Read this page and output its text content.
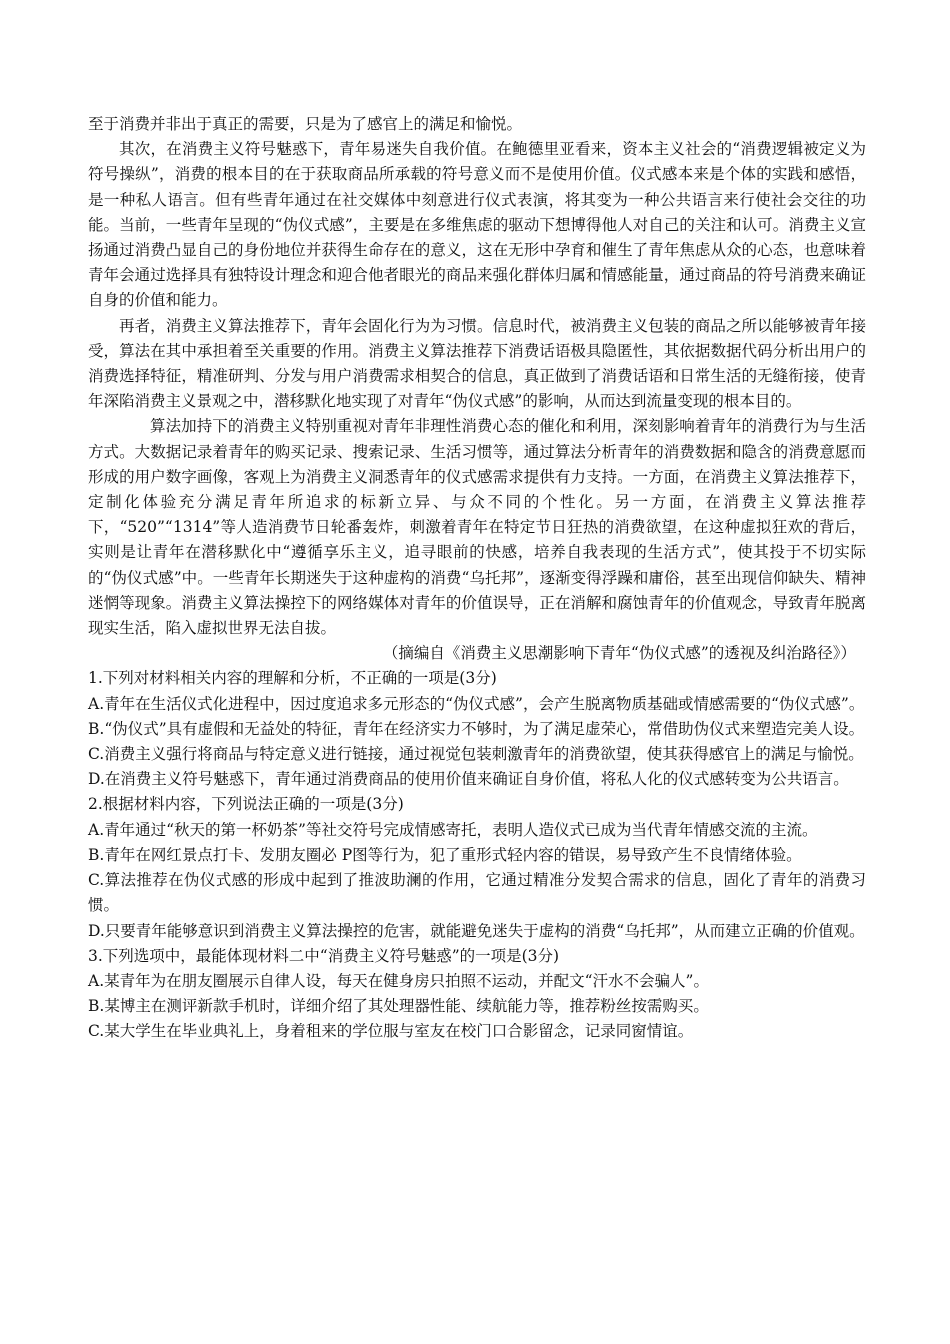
至于消费并非出于真正的需要，只是为了感官上的满足和愉悦。

其次，在消费主义符号魅惑下，青年易迷失自我价值。在鲍德里亚看来，资本主义社会的“消费逻辑被定义为符号操纵”，消费的根本目的在于获取商品所承载的符号意义而不是使用价值。仪式感本来是个体的实践和感悟，是一种私人语言。但有些青年通过在社交媒体中刻意进行仪式表演，将其变为一种公共语言来行使社会交往的功能。当前，一些青年呈现的“伪仪式感”，主要是在多维焦虑的驱动下想博得他人对自己的关注和认可。消费主义宣扬通过消费凸显自己的身份地位并获得生命存在的意义，这在无形中孕育和催生了青年焦虑从众的心态，也意味着青年会通过选择具有独特设计理念和迎合他者眼光的商品来强化群体归属和情感能量，通过商品的符号消费来确证自身的价值和能力。

再者，消费主义算法推荐下，青年会固化行为为习惯。信息时代，被消费主义包装的商品之所以能够被青年接受，算法在其中承担着至关重要的作用。消费主义算法推荐下消费话语极具隐匿性，其依据数据代码分析出用户的消费选择特征，精准研判、分发与用户消费需求相契合的信息，真正做到了消费话语和日常生活的无缝衔接，使青年深陷消费主义景观之中，潜移默化地实现了对青年“伪仪式感”的影响，从而达到流量变现的根本目的。

算法加持下的消费主义特别重视对青年非理性消费心态的催化和利用，深刻影响着青年的消费行为与生活方式。大数据记录着青年的购买记录、搜索记录、生活习惯等，通过算法分析青年的消费数据和隐含的消费意愿而形成的用户数字画像，客观上为消费主义洞悉青年的仪式感需求提供有力支持。一方面，在消费主义算法推荐下，定制化体验充分满足青年所追求的标新立异、与众不同的个性化。另一方面，在消费主义算法推荐下，“520”“1314”等人造消费节日轮番轰炸，刺激着青年在特定节日狂热的消费欲望，在这种虚拟狂欢的背后，实则是让青年在潜移默化中“遵循享乐主义，追寻眼前的快感，培养自我表现的生活方式”，使其投于不切实际的“伪仪式感”中。一些青年长期迷失于这种虚构的消费“乌托邦”，逐渐变得浮躁和庸俗，甚至出现信仰缺失、精神迷惘等现象。消费主义算法操控下的网络媒体对青年的价值误导，正在消解和腐蚀青年的价值观念，导致青年脱离现实生活，陷入虚拟世界无法自拔。

（摘编自《消费主义思潮影响下青年“伪仪式感”的透视及纠治路径》）

1.下列对材料相关内容的理解和分析，不正确的一项是(3分)

A.青年在生活仪式化进程中，因过度追求多元形态的“伪仪式感”，会产生脱离物质基础或情感需要的“伪仪式感”。

B.“伪仪式”具有虚假和无益处的特征，青年在经济实力不够时，为了满足虚荣心，常借助伪仪式来塑造完美人设。

C.消费主义强行将商品与特定意义进行链接，通过视觉包装刺激青年的消费欲望，使其获得感官上的满足与愉悦。

D.在消费主义符号魅惑下，青年通过消费商品的使用价值来确证自身价值，将私人化的仪式感转变为公共语言。

2.根据材料内容，下列说法正确的一项是(3分)

A.青年通过“秋天的第一杯奶茶”等社交符号完成情感寄托，表明人造仪式已成为当代青年情感交流的主流。

B.青年在网红景点打卡、发朋友圈必 P图等行为，犯了重形式轻内容的错误，易导致产生不良情绪体验。

C.算法推荐在伪仪式感的形成中起到了推波助澜的作用，它通过精准分发契合需求的信息，固化了青年的消费习惯。

D.只要青年能够意识到消费主义算法操控的危害，就能避免迷失于虚构的消费“乌托邦”，从而建立正确的价值观。

3.下列选项中，最能体现材料二中“消费主义符号魅惑”的一项是(3分)

A.某青年为在朋友圈展示自律人设，每天在健身房只拍照不运动，并配文“汗水不会骗人”。

B.某博主在测评新款手机时，详细介绍了其处理器性能、续航能力等，推荐粉丝按需购买。

C.某大学生在毕业典礼上，身着租来的学位服与室友在校门口合影留念，记录同窗情谊。
